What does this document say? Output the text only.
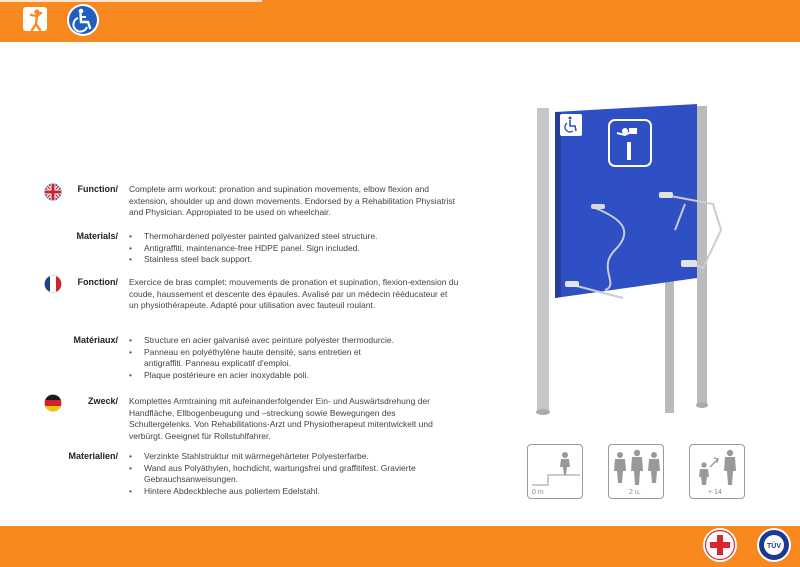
Function/ Complete arm workout: pronation and supination movements, elbow flexion and extension, shoulder up and down movements. Endorsed by a Rehabilitation Physiatrist and Physician. Appropiated to be used on wheelchair.
Materials/	• Thermohardened polyester painted galvanized steel structure.
• Antigraffiti, maintenance-free HDPE panel. Sign included.
• Stainless steel back support.
Fonction/ Exercice de bras complet: mouvements de pronation et supination, flexion-extension du coude, haussement et descente des épaules. Avalisé par un médecin rééducateur et un physiothérapeute. Adapté pour utilisation avec fauteuil roulant.
Matériaux/	• Structure en acier galvanisé avec peinture polyester thermodurcie.
• Panneau en polyéthylène haute densité, sans entretien et antigraffiti. Panneau explicatif d'emploi.
• Plaque postérieure en acier inoxydable poli.
Zweck/ Komplettes Armtraining mit aufeinanderfolgender Ein- und Auswärtsdrehung der Handfläche, Ellbogenbeugung und –streckung sowie Bewegungen des Schultergelenks. Von Rehabilitations-Arzt und Physiotherapeut mitentwickelt und verbürgt. Geeignet für Rollstuhlfahrer.
Materialien/	• Verzinkte Stahlstruktur mit wärmegehärteter Polyesterfarbe.
• Wand aus Polyäthylen, hochdicht, wartungsfrei und graffitifest. Gravierte Gebrauchsanweisungen.
• Hintere Abdeckbleche aus poliertem Edelstahl.	0 m	2 u.	+ 14
TÜV
